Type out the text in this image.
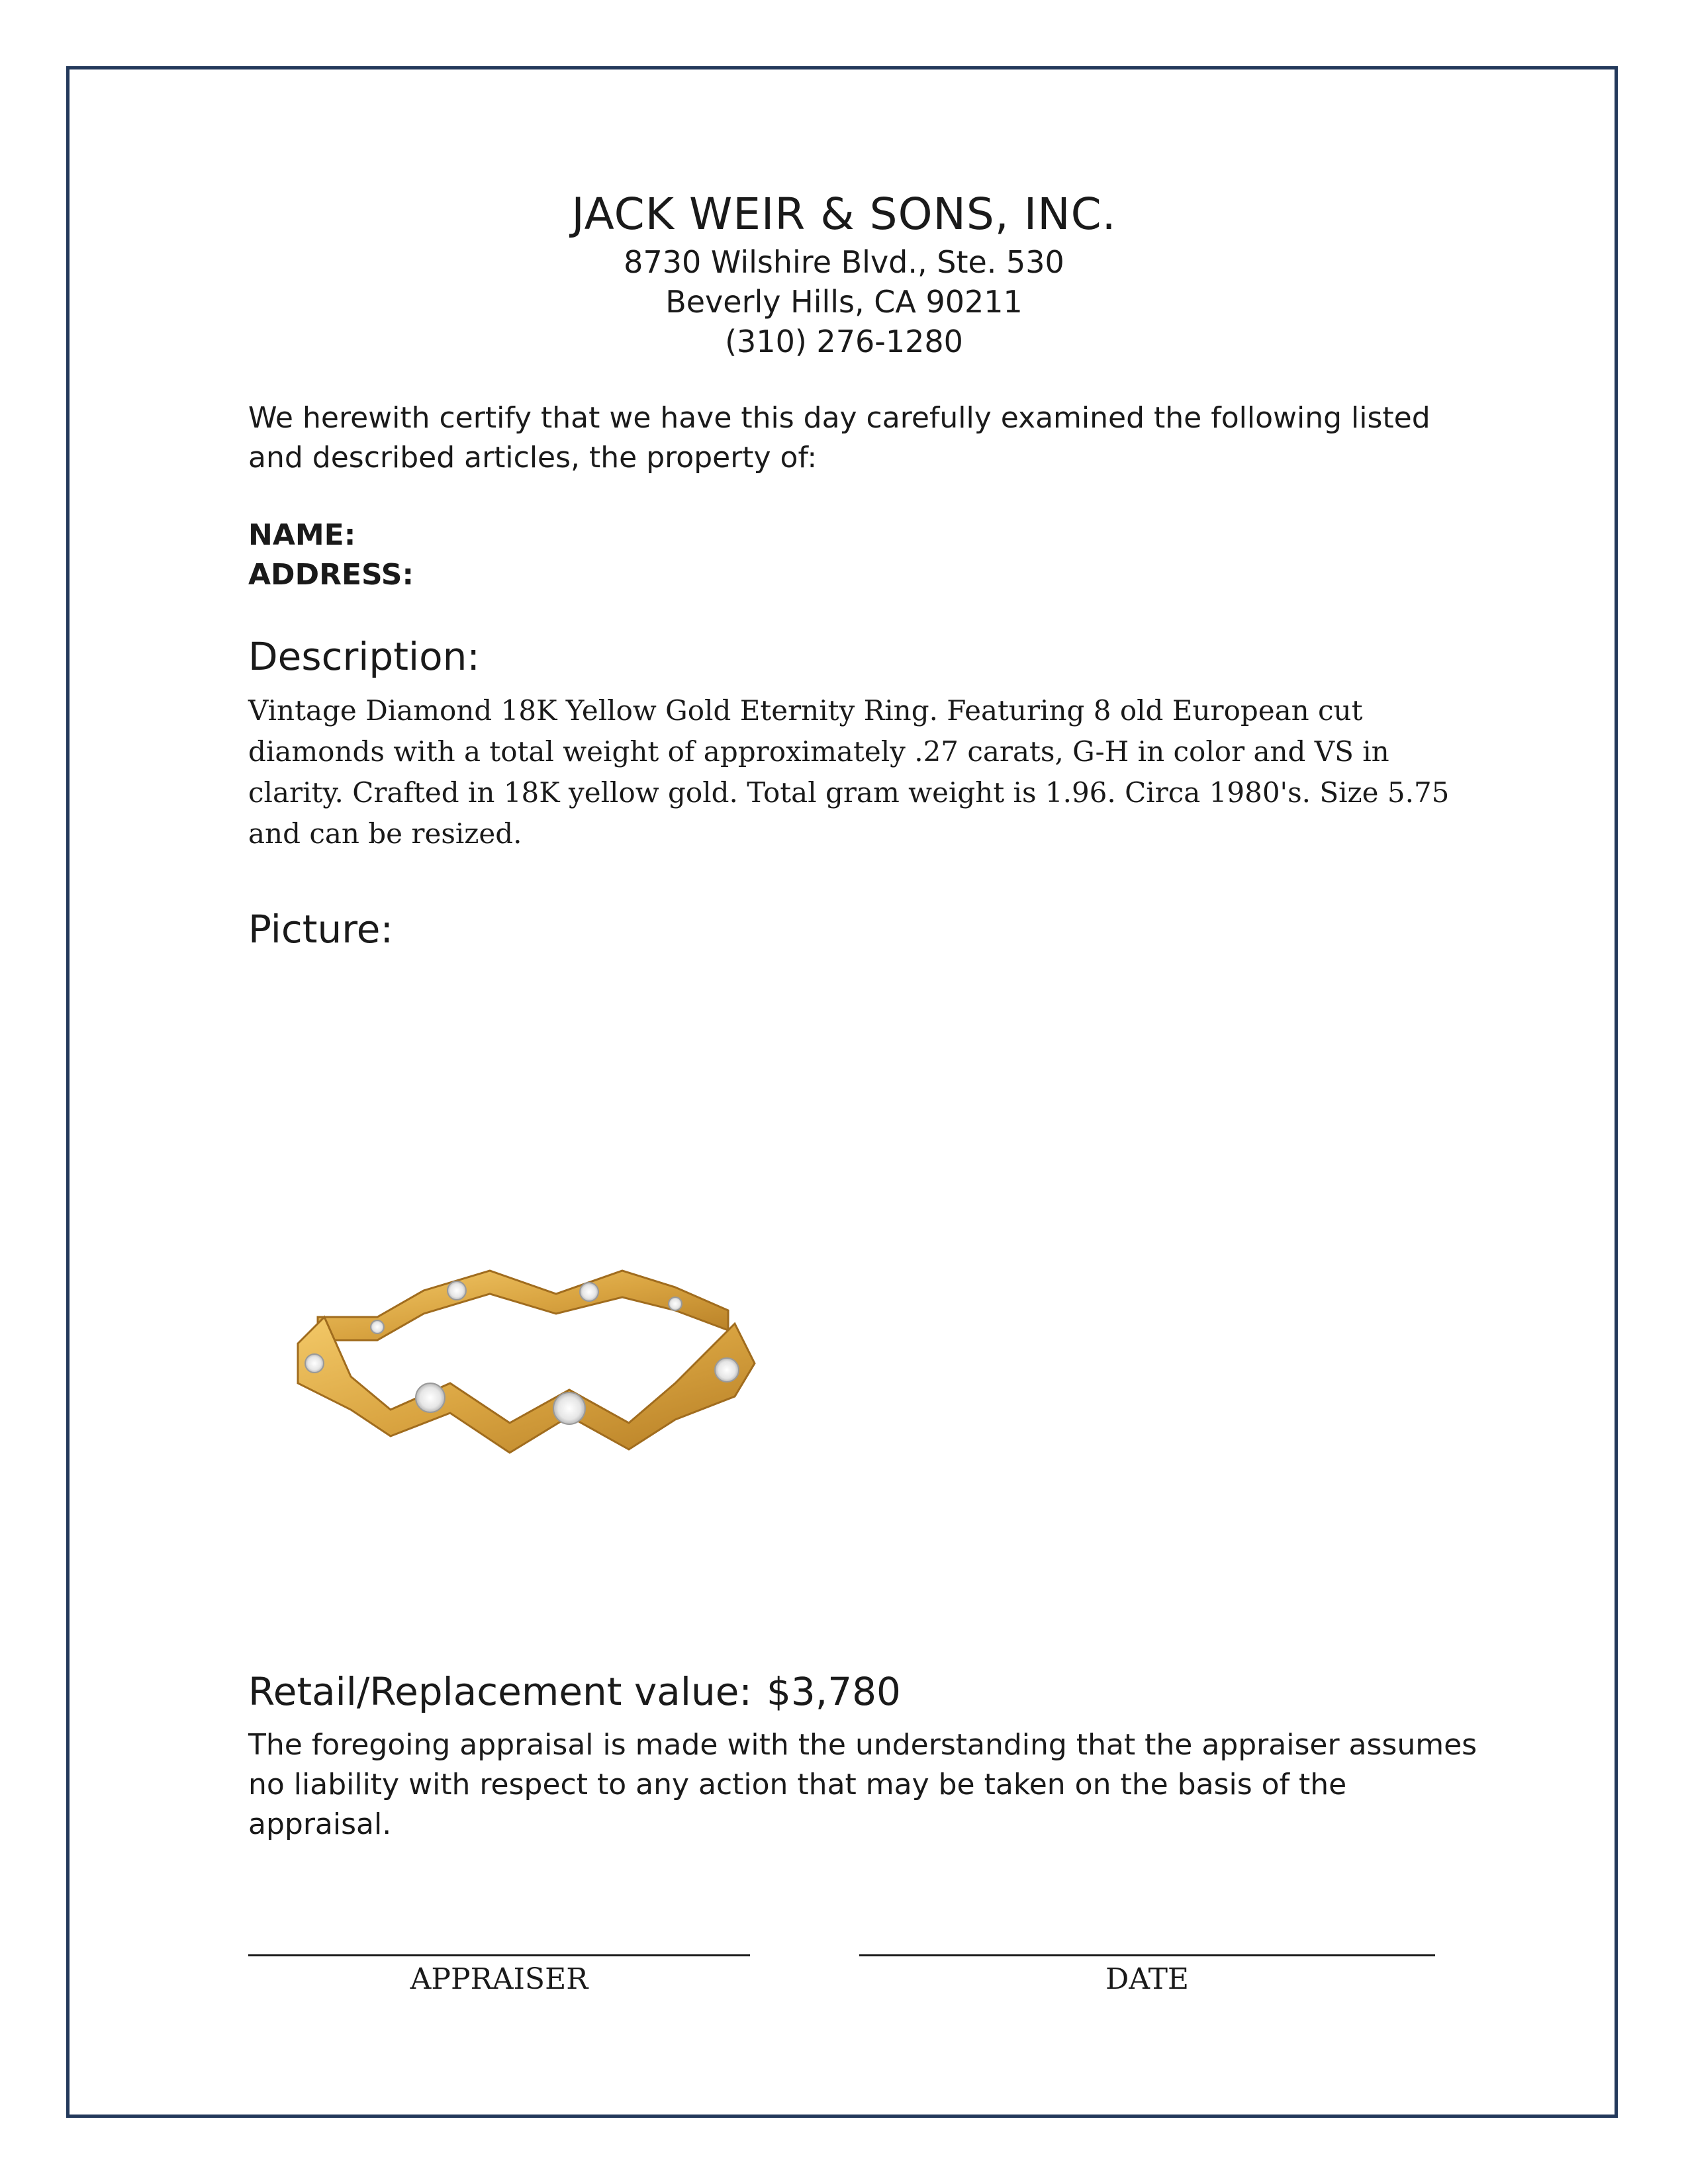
JACK WEIR & SONS, INC.
8730 Wilshire Blvd., Ste. 530
Beverly Hills, CA 90211
(310) 276-1280
We herewith certify that we have this day carefully examined the following listed and described articles, the property of:
NAME:
ADDRESS:
Description:
Vintage Diamond 18K Yellow Gold Eternity Ring. Featuring 8 old European cut diamonds with a total weight of approximately .27 carats, G-H in color and VS in clarity. Crafted in 18K yellow gold. Total gram weight is 1.96. Circa 1980's. Size 5.75 and can be resized.
Picture:
Retail/Replacement value: $3,780
The foregoing appraisal is made with the understanding that the appraiser assumes no liability with respect to any action that may be taken on the basis of the appraisal.
APPRAISER	DATE
